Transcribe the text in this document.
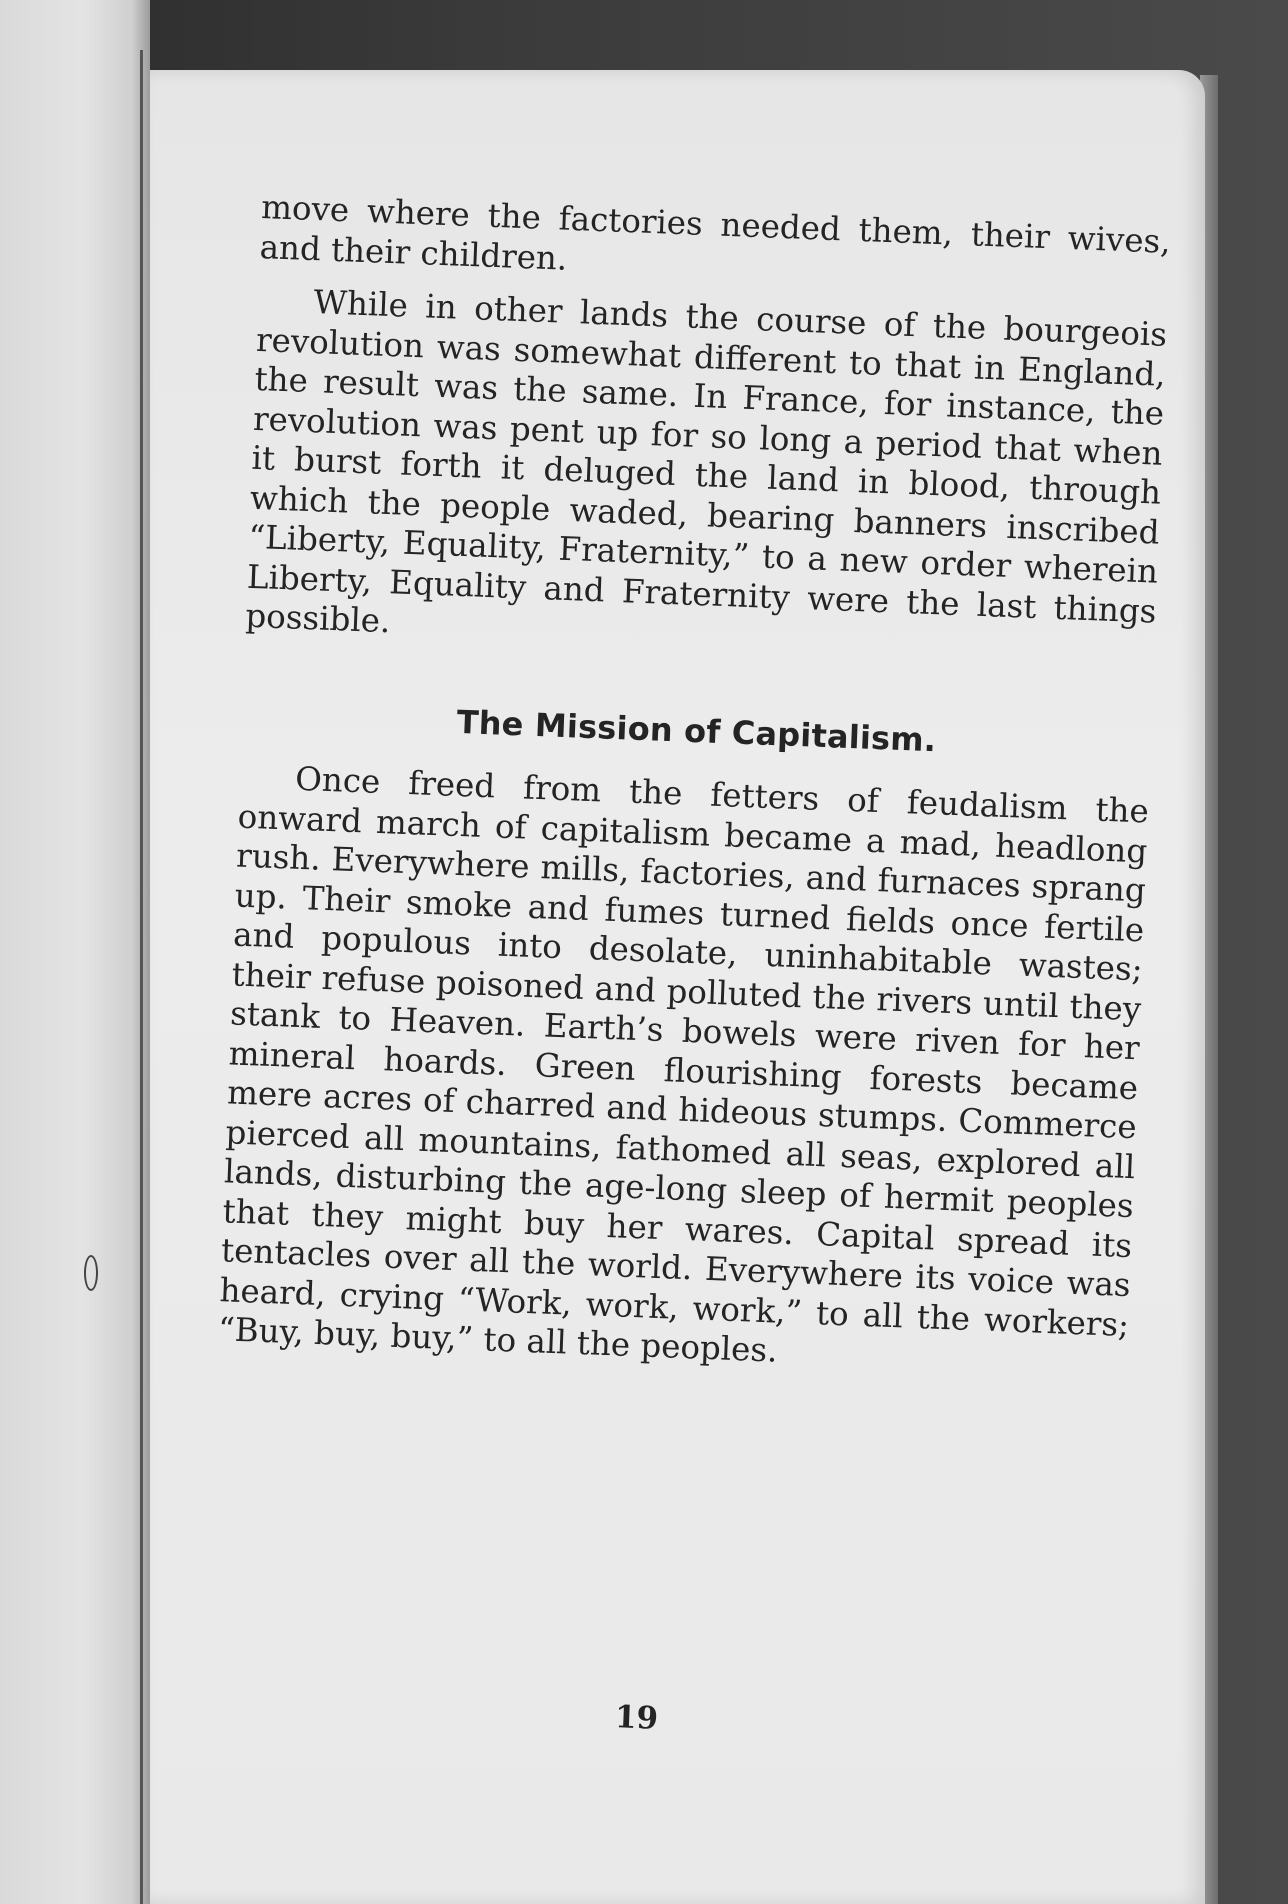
move where the factories needed them, their wives, and their children.

While in other lands the course of the bourgeois revolution was somewhat different to that in England, the result was the same. In France, for instance, the revolution was pent up for so long a period that when it burst forth it deluged the land in blood, through which the people waded, bearing banners inscribed “Liberty, Equality, Fraternity,” to a new order wherein Liberty, Equality and Fraternity were the last things possible.

The Mission of Capitalism.

Once freed from the fetters of feudalism the onward march of capitalism became a mad, headlong rush. Everywhere mills, factories, and furnaces sprang up. Their smoke and fumes turned fields once fertile and populous into desolate, uninhabitable wastes; their refuse poisoned and polluted the rivers until they stank to Heaven. Earth’s bowels were riven for her mineral hoards. Green flourishing forests became mere acres of charred and hideous stumps. Commerce pierced all mountains, fathomed all seas, explored all lands, disturbing the age-long sleep of hermit peoples that they might buy her wares. Capital spread its tentacles over all the world. Everywhere its voice was heard, crying “Work, work, work,” to all the workers; “Buy, buy, buy,” to all the peoples.

19
